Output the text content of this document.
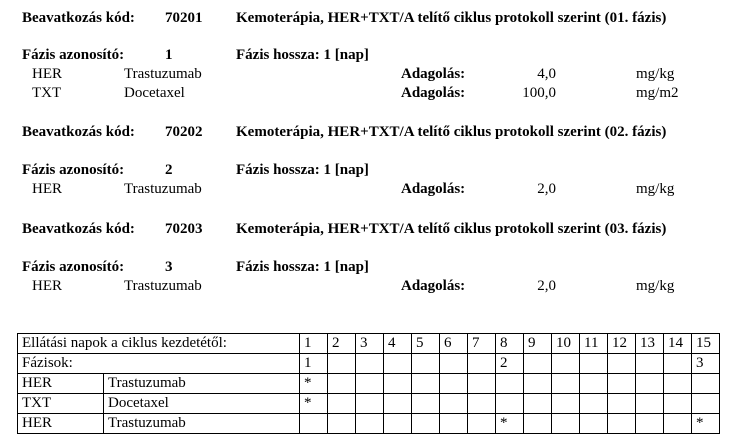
Beavatkozás kód: 70201 Kemoterápia, HER+TXT/A telítő ciklus protokoll szerint (01. fázis)
Fázis azonosító:	1	Fázis hossza: 1 [nap]
HER	Trastuzumab	Adagolás:	4,0	mg/kg
TXT	Docetaxel	Adagolás:	100,0	mg/m2
Beavatkozás kód: 70202 Kemoterápia, HER+TXT/A telítő ciklus protokoll szerint (02. fázis)
Fázis azonosító:	2	Fázis hossza: 1 [nap]
HER	Trastuzumab	Adagolás:	2,0	mg/kg
Beavatkozás kód: 70203 Kemoterápia, HER+TXT/A telítő ciklus protokoll szerint (03. fázis)
Fázis azonosító:	3	Fázis hossza: 1 [nap]
HER	Trastuzumab	Adagolás:	2,0	mg/kg
Ellátási napok a ciklus kezdetétől:		1	2	3	4	5	6	7	8	9	10	11	12	13	14	15
Fázisok:		1							2							3
HER	Trastuzumab	*														
TXT	Docetaxel	*														
HER	Trastuzumab								*							*
